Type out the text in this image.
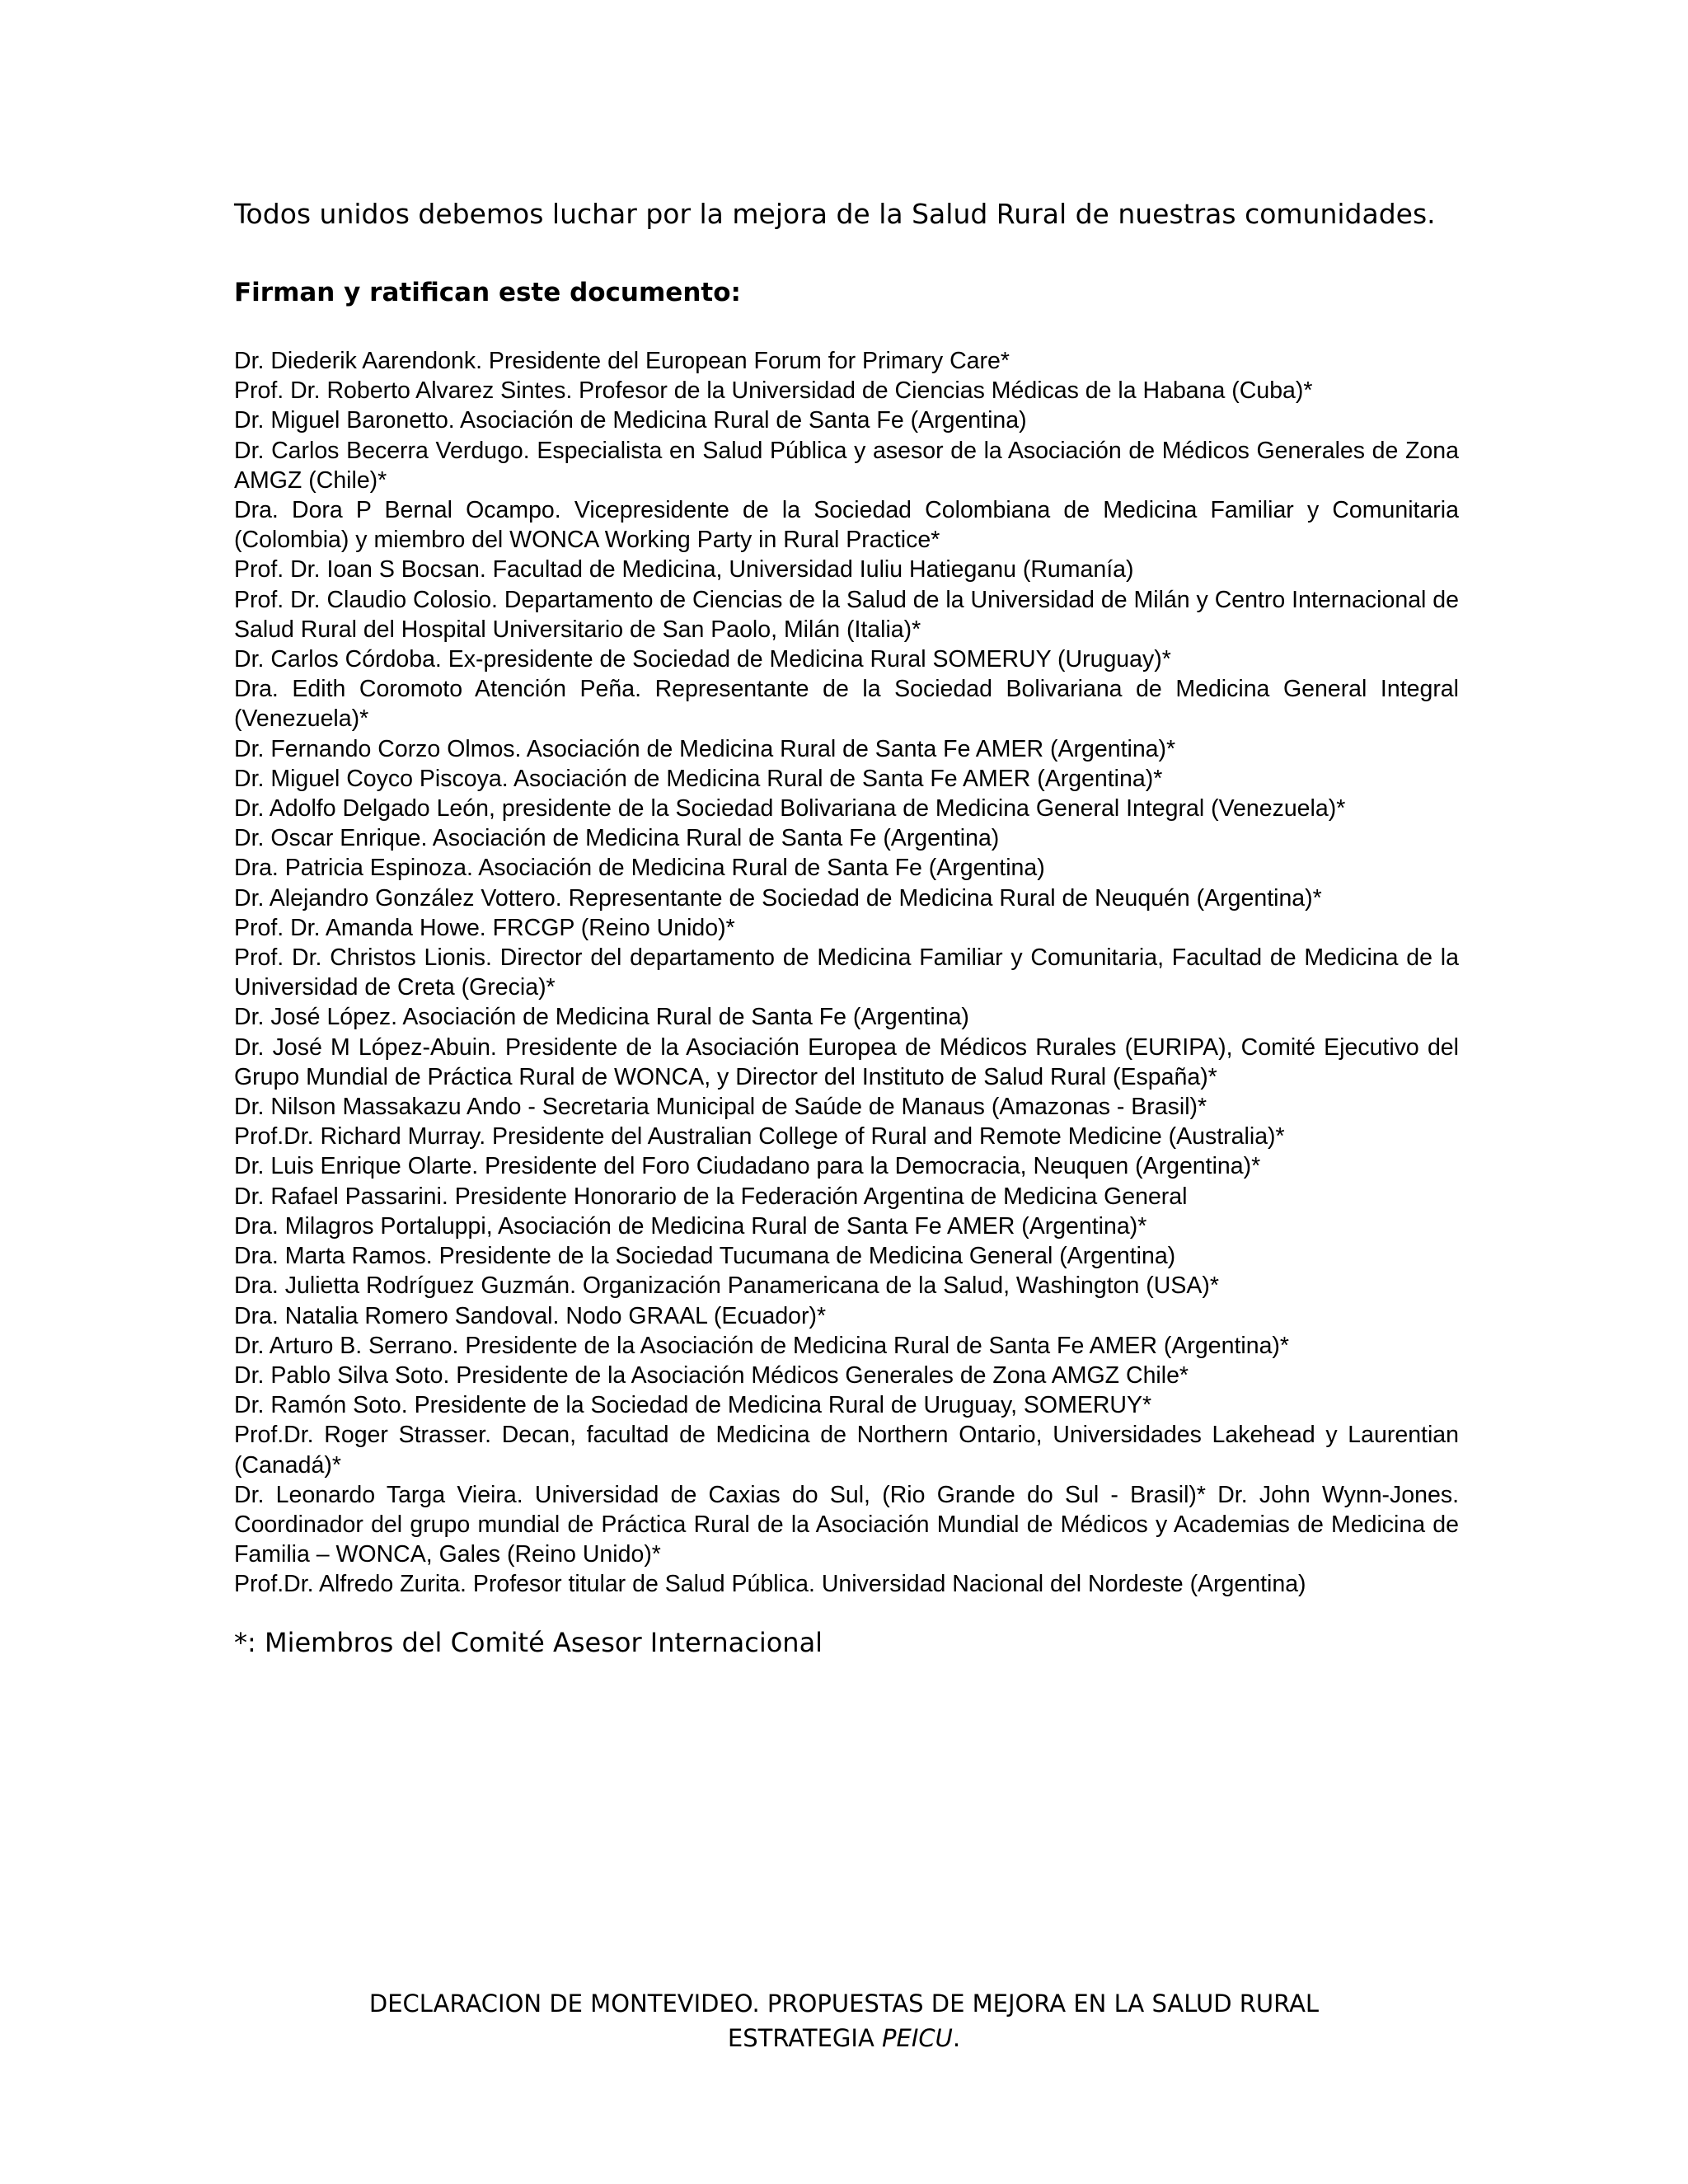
Todos unidos debemos luchar por la mejora de la Salud Rural de nuestras comunidades.
Firman y ratifican este documento:
Dr. Diederik Aarendonk. Presidente del European Forum for Primary Care*
Prof. Dr. Roberto Alvarez Sintes. Profesor de la Universidad de Ciencias Médicas de la Habana (Cuba)*
Dr. Miguel Baronetto. Asociación de Medicina Rural de Santa Fe (Argentina)
Dr. Carlos Becerra Verdugo. Especialista en Salud Pública y asesor de la Asociación de Médicos Generales de Zona AMGZ (Chile)*
Dra. Dora P Bernal Ocampo. Vicepresidente de la Sociedad Colombiana de Medicina Familiar y Comunitaria (Colombia) y miembro del WONCA Working Party in Rural Practice*
Prof. Dr. Ioan S Bocsan. Facultad de Medicina, Universidad Iuliu Hatieganu (Rumanía)
Prof. Dr. Claudio Colosio. Departamento de Ciencias de la Salud de la Universidad de Milán y Centro Internacional de Salud Rural del Hospital Universitario de San Paolo, Milán (Italia)*
Dr. Carlos Córdoba. Ex-presidente de Sociedad de Medicina Rural SOMERUY (Uruguay)*
Dra. Edith Coromoto Atención Peña. Representante de la Sociedad Bolivariana de Medicina General Integral (Venezuela)*
Dr. Fernando Corzo Olmos. Asociación de Medicina Rural de Santa Fe AMER (Argentina)*
Dr. Miguel Coyco Piscoya. Asociación de Medicina Rural de Santa Fe AMER (Argentina)*
Dr. Adolfo Delgado León, presidente de la Sociedad Bolivariana de Medicina General Integral (Venezuela)*
Dr. Oscar Enrique. Asociación de Medicina Rural de Santa Fe (Argentina)
Dra. Patricia Espinoza. Asociación de Medicina Rural de Santa Fe (Argentina)
Dr. Alejandro González Vottero. Representante de Sociedad de Medicina Rural de Neuquén (Argentina)*
Prof. Dr. Amanda Howe. FRCGP (Reino Unido)*
Prof. Dr. Christos Lionis. Director del departamento de Medicina Familiar y Comunitaria, Facultad de Medicina de la Universidad de Creta (Grecia)*
Dr. José López. Asociación de Medicina Rural de Santa Fe (Argentina)
Dr. José M López-Abuin. Presidente de la Asociación Europea de Médicos Rurales (EURIPA), Comité Ejecutivo del Grupo Mundial de Práctica Rural de WONCA, y Director del Instituto de Salud Rural (España)*
Dr. Nilson Massakazu Ando - Secretaria Municipal de Saúde de Manaus (Amazonas - Brasil)*
Prof.Dr. Richard Murray. Presidente del Australian College of Rural and Remote Medicine (Australia)*
Dr. Luis Enrique Olarte. Presidente del Foro Ciudadano para la Democracia, Neuquen (Argentina)*
Dr. Rafael Passarini. Presidente Honorario de la Federación Argentina de Medicina General
Dra. Milagros Portaluppi, Asociación de Medicina Rural de Santa Fe AMER (Argentina)*
Dra. Marta Ramos. Presidente de la Sociedad Tucumana de Medicina General (Argentina)
Dra. Julietta Rodríguez Guzmán. Organización Panamericana de la Salud, Washington (USA)*
Dra. Natalia Romero Sandoval. Nodo GRAAL (Ecuador)*
Dr. Arturo B. Serrano. Presidente de la Asociación de Medicina Rural de Santa Fe AMER (Argentina)*
Dr. Pablo Silva Soto. Presidente de la Asociación Médicos Generales de Zona AMGZ Chile*
Dr. Ramón Soto. Presidente de la Sociedad de Medicina Rural de Uruguay, SOMERUY*
Prof.Dr. Roger Strasser. Decan, facultad de Medicina de Northern Ontario, Universidades Lakehead y Laurentian (Canadá)*
Dr. Leonardo Targa Vieira. Universidad de Caxias do Sul, (Rio Grande do Sul - Brasil)* Dr. John Wynn-Jones. Coordinador del grupo mundial de Práctica Rural de la Asociación Mundial de Médicos y Academias de Medicina de Familia – WONCA, Gales (Reino Unido)*
Prof.Dr. Alfredo Zurita. Profesor titular de Salud Pública. Universidad Nacional del Nordeste (Argentina)
*: Miembros del Comité Asesor Internacional
DECLARACION DE MONTEVIDEO. PROPUESTAS DE MEJORA EN LA SALUD RURAL
ESTRATEGIA PEICU.
